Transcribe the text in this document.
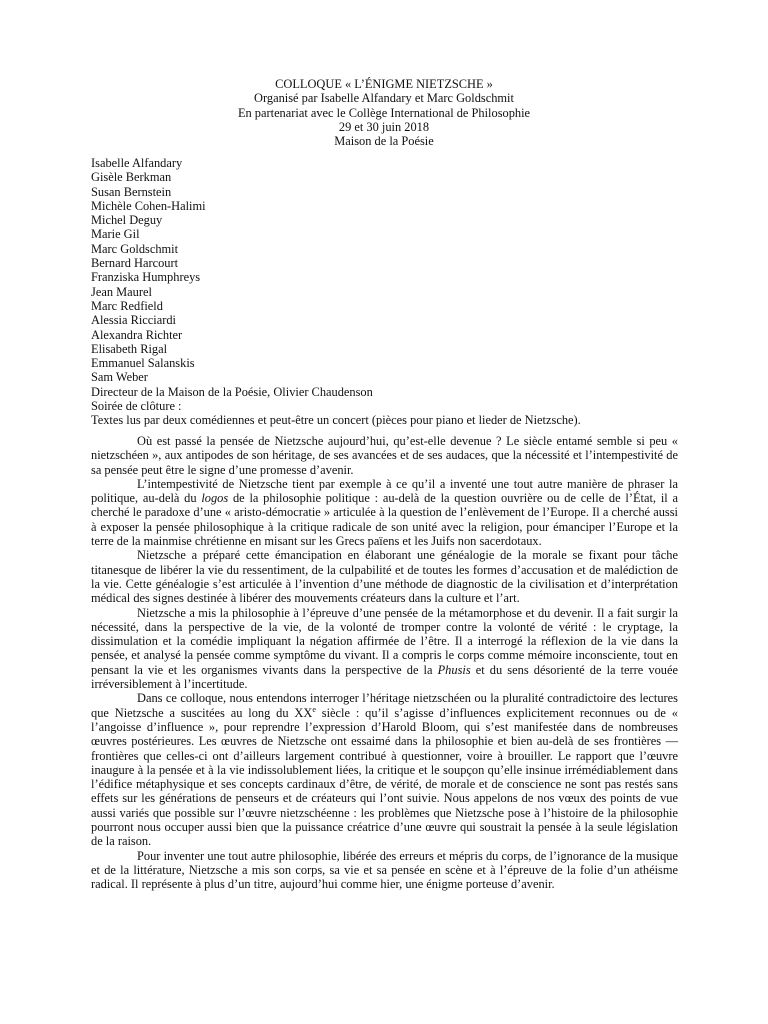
COLLOQUE « L’ÉNIGME NIETZSCHE »
Organisé par Isabelle Alfandary et Marc Goldschmit
En partenariat avec le Collège International de Philosophie
29 et 30 juin 2018
Maison de la Poésie
Isabelle Alfandary
Gisèle Berkman
Susan Bernstein
Michèle Cohen-Halimi
Michel Deguy
Marie Gil
Marc Goldschmit
Bernard Harcourt
Franziska Humphreys
Jean Maurel
Marc Redfield
Alessia Ricciardi
Alexandra Richter
Elisabeth Rigal
Emmanuel Salanskis
Sam Weber
Directeur de la Maison de la Poésie, Olivier Chaudenson
Soirée de clôture :
Textes lus par deux comédiennes et peut-être un concert (pièces pour piano et lieder de Nietzsche).

Où est passé la pensée de Nietzsche aujourd’hui, qu’est-elle devenue ? Le siècle entamé semble si peu « nietzschéen », aux antipodes de son héritage, de ses avancées et de ses audaces, que la nécessité et l’intempestivité de sa pensée peut être le signe d’une promesse d’avenir.

L’intempestivité de Nietzsche tient par exemple à ce qu’il a inventé une tout autre manière de phraser la politique, au-delà du logos de la philosophie politique : au-delà de la question ouvrière ou de celle de l’État, il a cherché le paradoxe d’une « aristo-démocratie » articulée à la question de l’enlèvement de l’Europe. Il a cherché aussi à exposer la pensée philosophique à la critique radicale de son unité avec la religion, pour émanciper l’Europe et la terre de la mainmise chrétienne en misant sur les Grecs païens et les Juifs non sacerdotaux.

Nietzsche a préparé cette émancipation en élaborant une généalogie de la morale se fixant pour tâche titanesque de libérer la vie du ressentiment, de la culpabilité et de toutes les formes d’accusation et de malédiction de la vie. Cette généalogie s’est articulée à l’invention d’une méthode de diagnostic de la civilisation et d’interprétation médical des signes destinée à libérer des mouvements créateurs dans la culture et l’art.

Nietzsche a mis la philosophie à l’épreuve d’une pensée de la métamorphose et du devenir. Il a fait surgir la nécessité, dans la perspective de la vie, de la volonté de tromper contre la volonté de vérité : le cryptage, la dissimulation et la comédie impliquant la négation affirmée de l’être. Il a interrogé la réflexion de la vie dans la pensée, et analysé la pensée comme symptôme du vivant. Il a compris le corps comme mémoire inconsciente, tout en pensant la vie et les organismes vivants dans la perspective de la Phusis et du sens désorienté de la terre vouée irréversiblement à l’incertitude.

Dans ce colloque, nous entendons interroger l’héritage nietzschéen ou la pluralité contradictoire des lectures que Nietzsche a suscitées au long du XXe siècle : qu’il s’agisse d’influences explicitement reconnues ou de « l’angoisse d’influence », pour reprendre l’expression d’Harold Bloom, qui s’est manifestée dans de nombreuses œuvres postérieures. Les œuvres de Nietzsche ont essaimé dans la philosophie et bien au-delà de ses frontières — frontières que celles-ci ont d’ailleurs largement contribué à questionner, voire à brouiller. Le rapport que l’œuvre inaugure à la pensée et à la vie indissolublement liées, la critique et le soupçon qu’elle insinue irrémédiablement dans l’édifice métaphysique et ses concepts cardinaux d’être, de vérité, de morale et de conscience ne sont pas restés sans effets sur les générations de penseurs et de créateurs qui l’ont suivie. Nous appelons de nos vœux des points de vue aussi variés que possible sur l’œuvre nietzschéenne : les problèmes que Nietzsche pose à l’histoire de la philosophie pourront nous occuper aussi bien que la puissance créatrice d’une œuvre qui soustrait la pensée à la seule législation de la raison.

Pour inventer une tout autre philosophie, libérée des erreurs et mépris du corps, de l’ignorance de la musique et de la littérature, Nietzsche a mis son corps, sa vie et sa pensée en scène et à l’épreuve de la folie d’un athéisme radical. Il représente à plus d’un titre, aujourd’hui comme hier, une énigme porteuse d’avenir.
